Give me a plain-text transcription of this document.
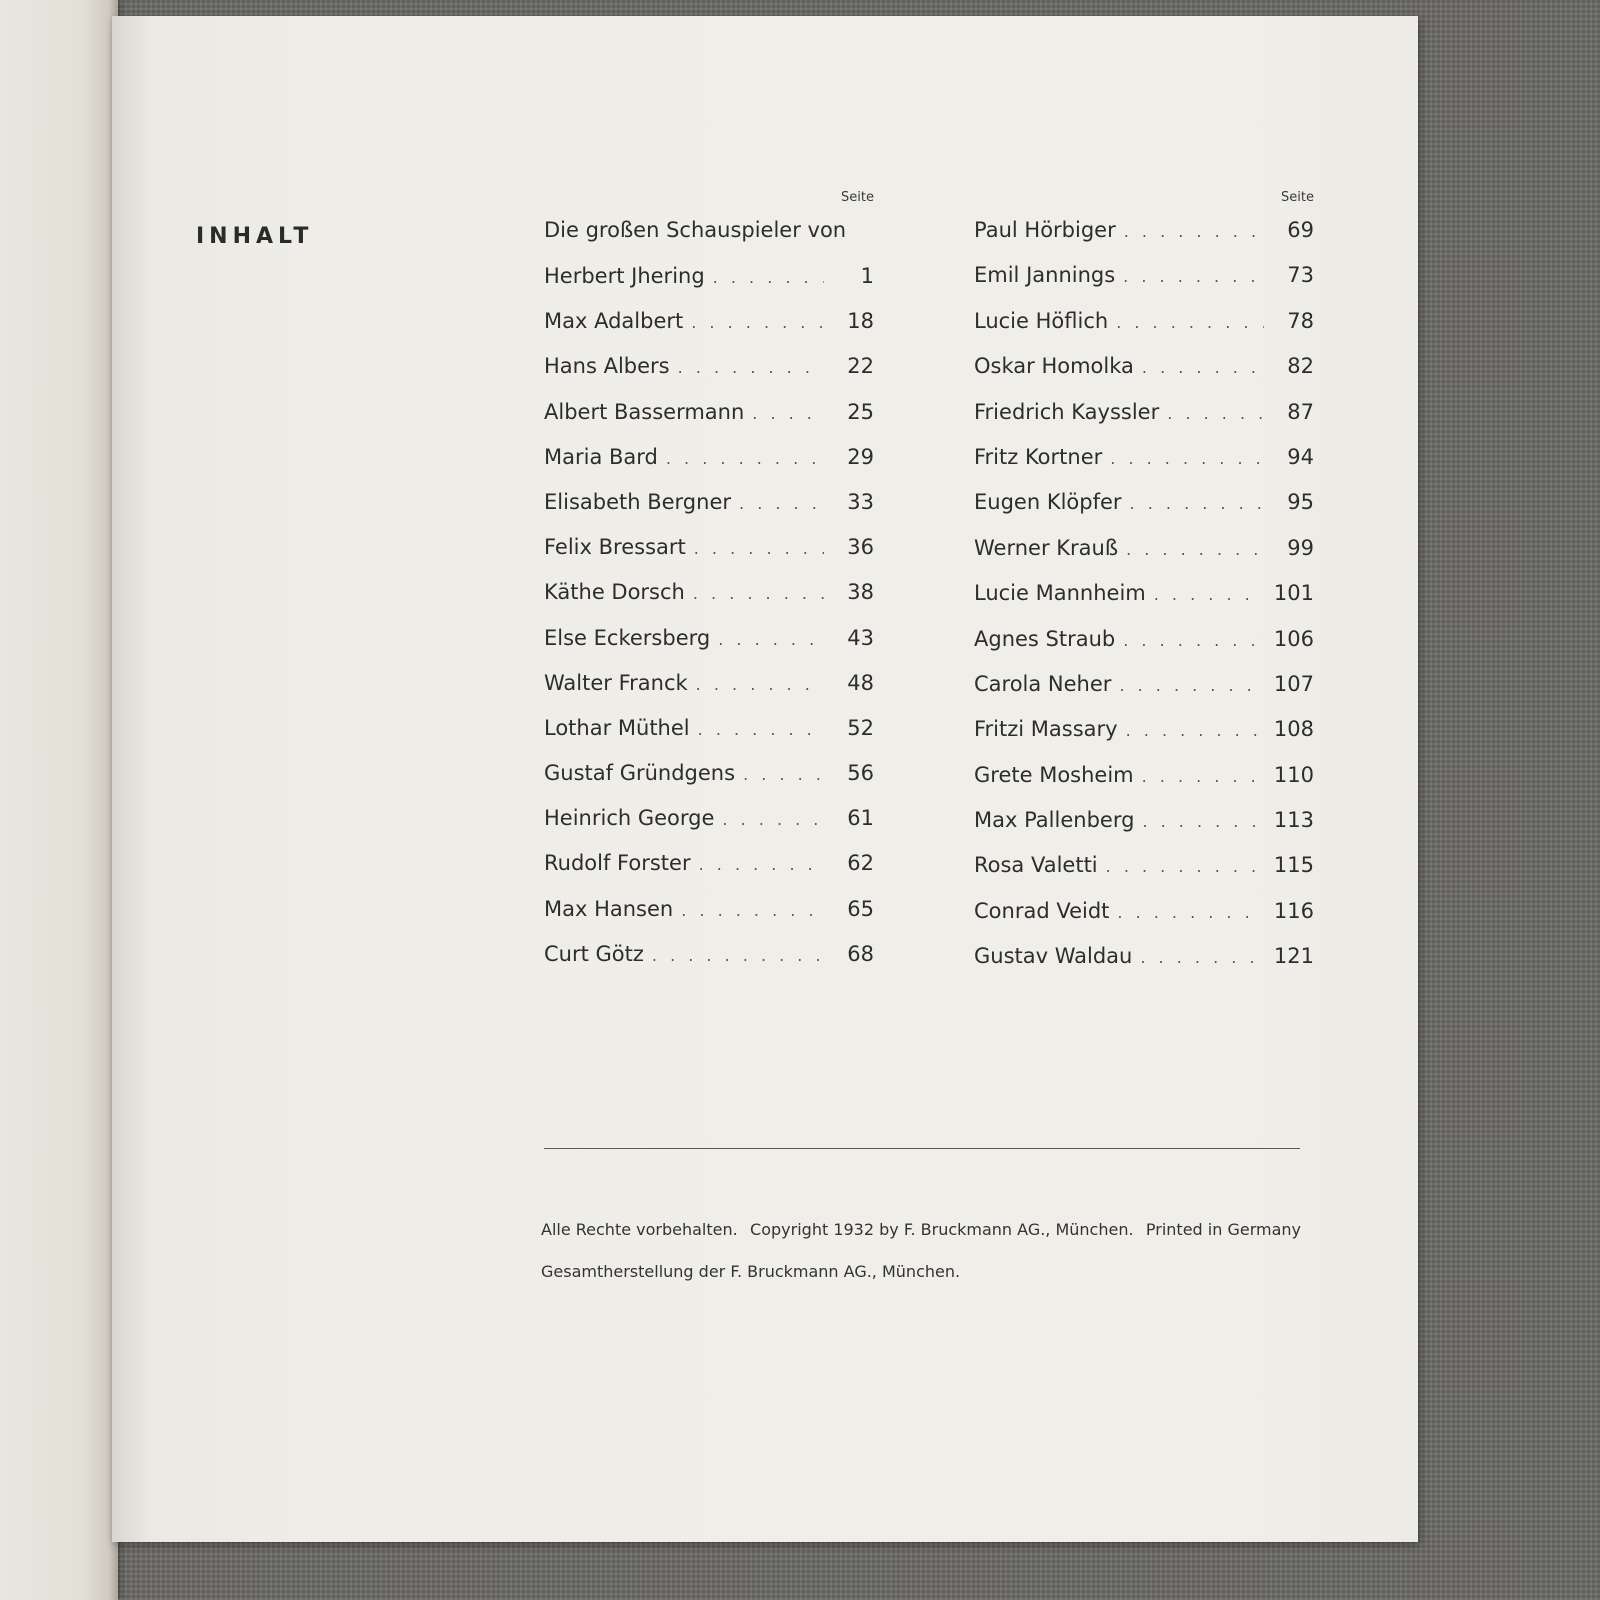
INHALT
Seite
Die großen Schauspieler von
Herbert Jhering . . .	1
Max Adalbert . . .	18
Hans Albers . . .	22
Albert Bassermann . . .	25
Maria Bard . . .	29
Elisabeth Bergner . . .	33
Felix Bressart . . .	36
Käthe Dorsch . . .	38
Else Eckersberg . . .	43
Walter Franck . . .	48
Lothar Müthel . . .	52
Gustaf Gründgens . . .	56
Heinrich George . . .	61
Rudolf Forster . . .	62
Max Hansen . . .	65
Curt Götz . . .	68
Seite
Paul Hörbiger . . .	69
Emil Jannings . . .	73
Lucie Höflich . . .	78
Oskar Homolka . . .	82
Friedrich Kayssler . . .	87
Fritz Kortner . . .	94
Eugen Klöpfer . . .	95
Werner Krauß . . .	99
Lucie Mannheim . . .	101
Agnes Straub . . .	106
Carola Neher . . .	107
Fritzi Massary . . .	108
Grete Mosheim . . .	110
Max Pallenberg . . .	113
Rosa Valetti . . .	115
Conrad Veidt . . .	116
Gustav Waldau . . .	121

Alle Rechte vorbehalten. Copyright 1932 by F. Bruckmann AG., München. Printed in Germany

Gesamtherstellung der F. Bruckmann AG., München.
